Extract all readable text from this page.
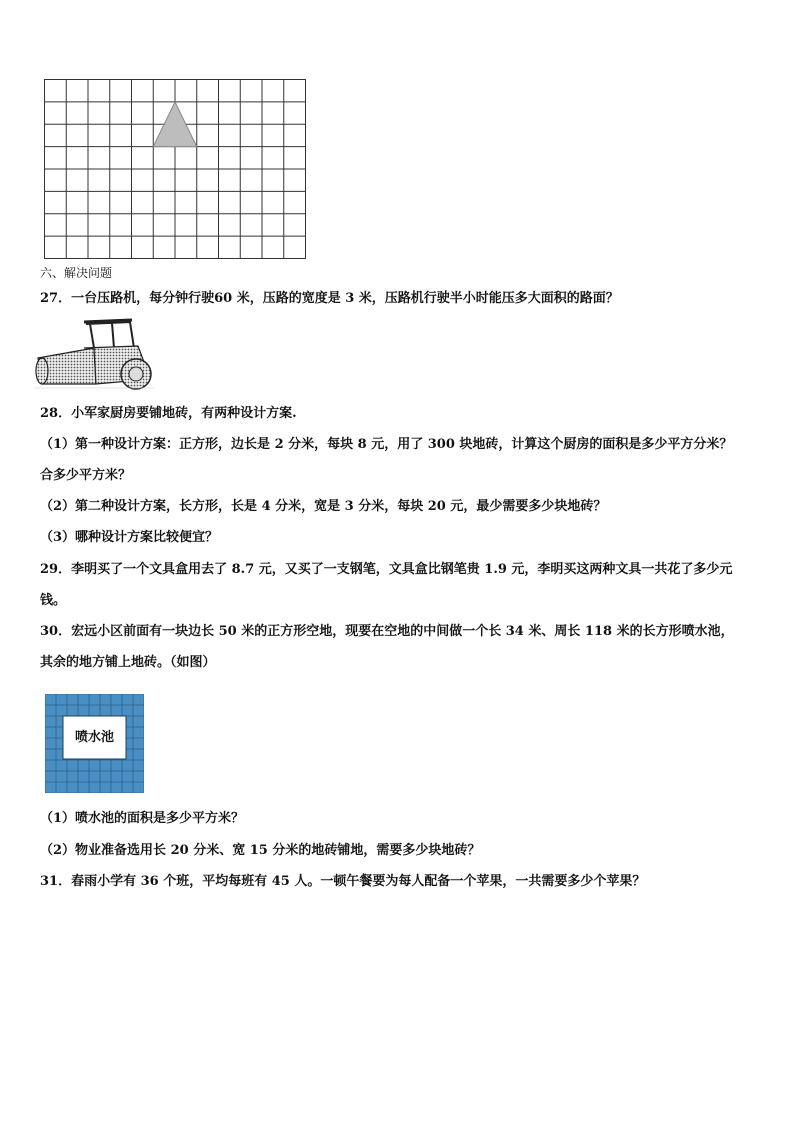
六、解决问题
27．一台压路机，每分钟行驶60 米，压路的宽度是 3 米，压路机行驶半小时能压多大面积的路面？
28．小军家厨房要铺地砖，有两种设计方案.
（1）第一种设计方案：正方形，边长是 2 分米，每块 8 元，用了 300 块地砖，计算这个厨房的面积是多少平方分米？
合多少平方米？
（2）第二种设计方案，长方形，长是 4 分米，宽是 3 分米，每块 20 元，最少需要多少块地砖？
（3）哪种设计方案比较便宜？
29．李明买了一个文具盒用去了 8.7 元，又买了一支钢笔，文具盒比钢笔贵 1.9 元，李明买这两种文具一共花了多少元
钱。
30．宏远小区前面有一块边长 50 米的正方形空地，现要在空地的中间做一个长 34 米、周长 118 米的长方形喷水池，
其余的地方铺上地砖。（如图）
喷水池
（1）喷水池的面积是多少平方米？
（2）物业准备选用长 20 分米、宽 15 分米的地砖铺地，需要多少块地砖？
31．春雨小学有 36 个班，平均每班有 45 人。一顿午餐要为每人配备一个苹果，一共需要多少个苹果？
